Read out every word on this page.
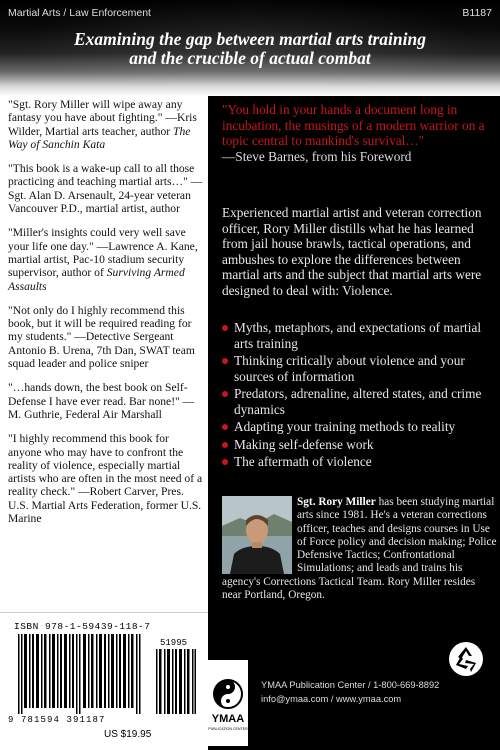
Martial Arts / Law Enforcement	B1187
Examining the gap between martial arts training
and the crucible of actual combat

"Sgt. Rory Miller will wipe away any fantasy you have about fighting." —Kris Wilder, Martial arts teacher, author The Way of Sanchin Kata

"This book is a wake-up call to all those practicing and teaching martial arts…" —Sgt. Alan D. Arsenault, 24-year veteran Vancouver P.D., martial artist, author

"Miller's insights could very well save your life one day." —Lawrence A. Kane, martial artist, Pac-10 stadium security supervisor, author of Surviving Armed Assaults

"Not only do I highly recommend this book, but it will be required reading for my students." —Detective Sergeant Antonio B. Urena, 7th Dan, SWAT team squad leader and police sniper

"…hands down, the best book on Self-Defense I have ever read. Bar none!" —M. Guthrie, Federal Air Marshall

"I highly recommend this book for anyone who may have to confront the reality of violence, especially martial artists who are often in the most need of a reality check." —Robert Carver, Pres. U.S. Martial Arts Federation, former U.S. Marine

ISBN 978-1-59439-118-7
51995
9 781594 391187
US $19.95
"You hold in your hands a document long in incubation, the musings of a modern warrior on a topic central to mankind's survival…"
—Steve Barnes, from his Foreword
Experienced martial artist and veteran correction officer, Rory Miller distills what he has learned from jail house brawls, tactical operations, and ambushes to explore the differences between martial arts and the subject that martial arts were designed to deal with: Violence.
Myths, metaphors, and expectations of martial arts training
Thinking critically about violence and your sources of information
Predators, adrenaline, altered states, and crime dynamics
Adapting your training methods to reality
Making self-defense work
The aftermath of violence
Sgt. Rory Miller has been studying martial arts since 1981. He's a veteran corrections officer, teaches and designs courses in Use of Force policy and decision making; Police Defensive Tactics; Confrontational Simulations; and leads and trains his agency's Corrections Tactical Team. Rory Miller resides near Portland, Oregon.
YMAA
PUBLICATION CENTER
YMAA Publication Center / 1-800-669-8892
info@ymaa.com / www.ymaa.com
